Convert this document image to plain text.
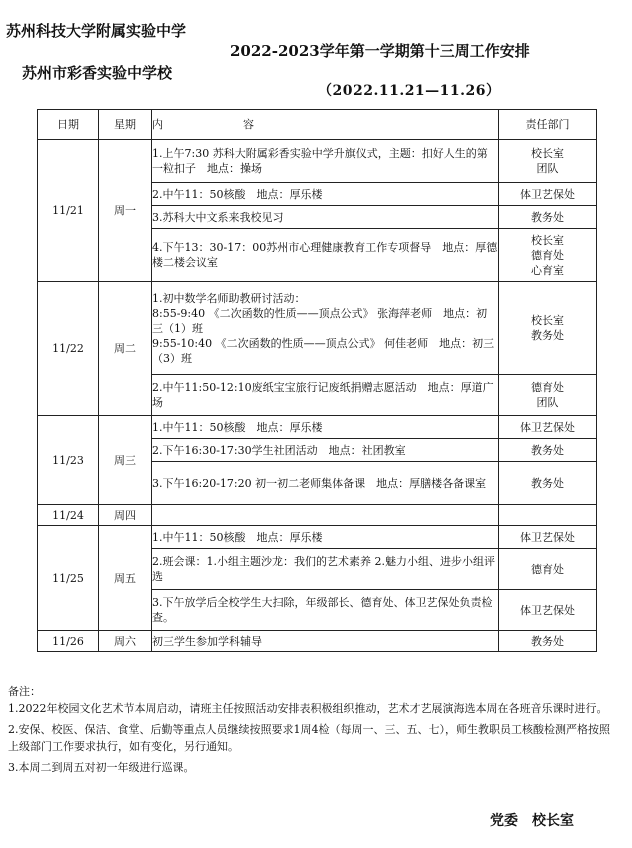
苏州科技大学附属实验中学
苏州市彩香实验中学校
2022-2023学年第一学期第十三周工作安排
（2022.11.21—11.26）
日期	星期	内 容	责任部门
11/21	周一	1.上午7:30 苏科大附属彩香实验中学升旗仪式，主题：扣好人生的第一粒扣子　地点：操场	校长室
团队
		2.中午11：50核酸　地点：厚乐楼	体卫艺保处
		3.苏科大中文系来我校见习	教务处
		4.下午13：30-17：00苏州市心理健康教育工作专项督导　地点：厚德楼二楼会议室	校长室
德育处
心育室
11/22	周二	1.初中数学名师助教研讨活动：
8:55-9:40 《二次函数的性质——顶点公式》 张海萍老师　地点：初三（1）班
9:55-10:40 《二次函数的性质——顶点公式》 何佳老师　地点：初三（3）班	校长室
教务处
		2.中午11:50-12:10废纸宝宝旅行记废纸捐赠志愿活动　地点：厚道广场	德育处
团队
11/23	周三	1.中午11：50核酸　地点：厚乐楼	体卫艺保处
		2.下午16:30-17:30学生社团活动　地点：社团教室	教务处
		3.下午16:20-17:20 初一初二老师集体备课　地点：厚膳楼各备课室	教务处
11/24	周四		
11/25	周五	1.中午11：50核酸　地点：厚乐楼	体卫艺保处
		2.班会课：1.小组主题沙龙：我们的艺术素养 2.魅力小组、进步小组评选	德育处
		3.下午放学后全校学生大扫除，年级部长、德育处、体卫艺保处负责检查。	体卫艺保处
11/26	周六	初三学生参加学科辅导	教务处

备注：

1.2022年校园文化艺术节本周启动，请班主任按照活动安排表积极组织推动，艺术才艺展演海选本周在各班音乐课时进行。

2.安保、校医、保洁、食堂、后勤等重点人员继续按照要求1周4检（每周一、三、五、七），师生教职员工核酸检测严格按照上级部门工作要求执行，如有变化，另行通知。

3.本周二到周五对初一年级进行巡课。

党委 校长室
